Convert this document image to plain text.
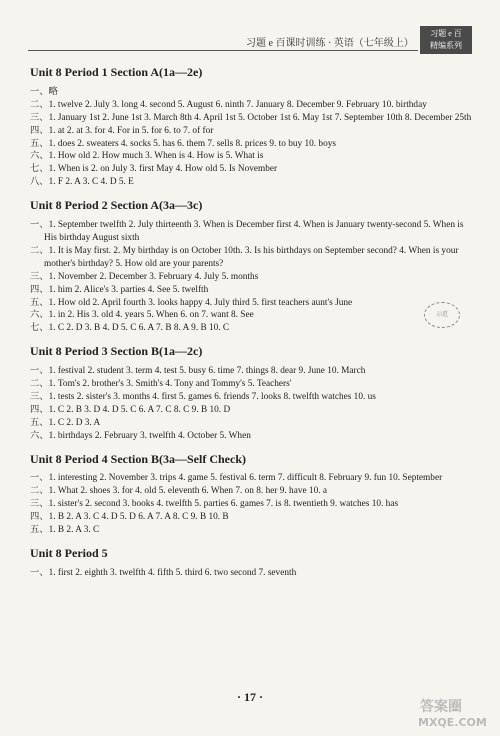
习题 e 百课时训练 · 英语（七年级上）
习题 e 百
精编系列
Unit 8 Period 1 Section A(1a—2e)
一、略
二、1. twelve 2. July 3. long 4. second 5. August 6. ninth 7. January 8. December 9. February 10. birthday
三、1. January 1st 2. June 1st 3. March 8th 4. April 1st 5. October 1st 6. May 1st 7. September 10th 8. December 25th
四、1. at 2. at 3. for 4. For in 5. for 6. to 7. of for
五、1. does 2. sweaters 4. socks 5. has 6. them 7. sells 8. prices 9. to buy 10. boys
六、1. How old 2. How much 3. When is 4. How is 5. What is
七、1. When is 2. on July 3. first May 4. How old 5. Is November
八、1. F 2. A 3. C 4. D 5. E
Unit 8 Period 2 Section A(3a—3c)
一、1. September twelfth 2. July thirteenth 3. When is December first 4. When is January twenty-second 5. When is His birthday August sixth
二、1. It is May first. 2. My birthday is on October 10th. 3. Is his birthdays on September second? 4. When is your mother's birthday? 5. How old are your parents?
三、1. November 2. December 3. February 4. July 5. months
四、1. him 2. Alice's 3. parties 4. See 5. twelfth
五、1. How old 2. April fourth 3. looks happy 4. July third 5. first teachers aunt's June
六、1. in 2. His 3. old 4. years 5. When 6. on 7. want 8. See
七、1. C 2. D 3. B 4. D 5. C 6. A 7. B 8. A 9. B 10. C
Unit 8 Period 3 Section B(1a—2c)
一、1. festival 2. student 3. term 4. test 5. busy 6. time 7. things 8. dear 9. June 10. March
二、1. Tom's 2. brother's 3. Smith's 4. Tony and Tommy's 5. Teachers'
三、1. tests 2. sister's 3. months 4. first 5. games 6. friends 7. looks 8. twelfth watches 10. us
四、1. C 2. B 3. D 4. D 5. C 6. A 7. C 8. C 9. B 10. D
五、1. C 2. D 3. A
六、1. birthdays 2. February 3. twelfth 4. October 5. When
Unit 8 Period 4 Section B(3a—Self Check)
一、1. interesting 2. November 3. trips 4. game 5. festival 6. term 7. difficult 8. February 9. fun 10. September
二、1. What 2. shoes 3. for 4. old 5. eleventh 6. When 7. on 8. her 9. have 10. a
三、1. sister's 2. second 3. books 4. twelfth 5. parties 6. games 7. is 8. twentieth 9. watches 10. has
四、1. B 2. A 3. C 4. D 5. D 6. A 7. A 8. C 9. B 10. B
五、1. B 2. A 3. C
Unit 8 Period 5
一、1. first 2. eighth 3. twelfth 4. fifth 5. third 6. two second 7. seventh
示范
· 17 ·
答案圈
MXQE.COM
